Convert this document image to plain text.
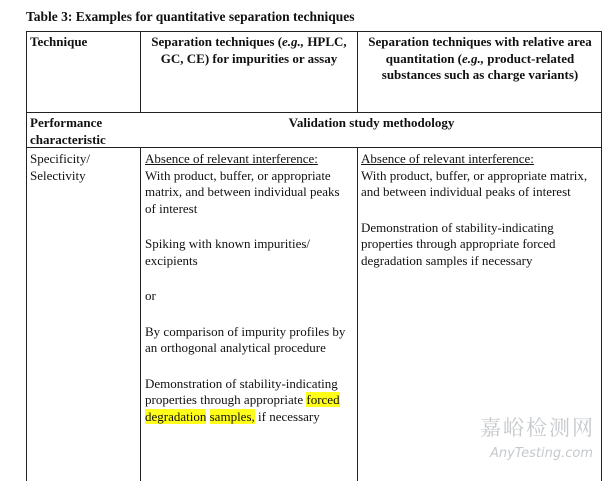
Table 3: Examples for quantitative separation techniques
Technique	Separation techniques (e.g., HPLC, GC, CE) for impurities or assay
Separation techniques with relative area quantitation (e.g., product-related substances such as charge variants)
Performance characteristic
Validation study methodology
Specificity/ Selectivity
Absence of relevant interference:

With product, buffer, or appropriate matrix, and between individual peaks of interest
Spiking with known impurities/ excipients
or
By comparison of impurity profiles by an orthogonal analytical procedure
Demonstration of stability-indicating properties through appropriate forced degradation samples, if necessary
Absence of relevant interference:

With product, buffer, or appropriate matrix, and between individual peaks of interest
Demonstration of stability-indicating properties through appropriate forced degradation samples if necessary
嘉峪检测网
AnyTesting.com
